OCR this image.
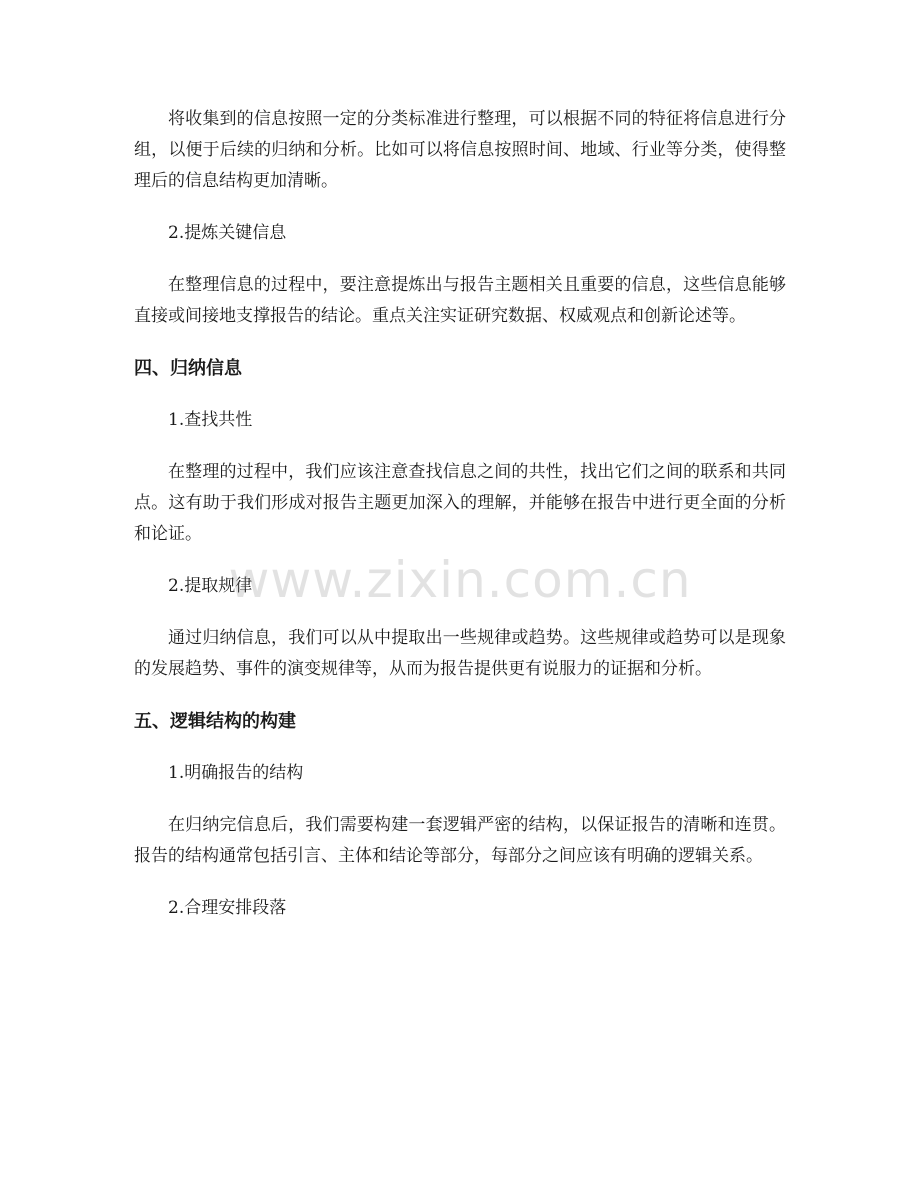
将收集到的信息按照一定的分类标准进行整理，可以根据不同的特征将信息进行分组，以便于后续的归纳和分析。比如可以将信息按照时间、地域、行业等分类，使得整理后的信息结构更加清晰。

2.提炼关键信息

在整理信息的过程中，要注意提炼出与报告主题相关且重要的信息，这些信息能够直接或间接地支撑报告的结论。重点关注实证研究数据、权威观点和创新论述等。

四、归纳信息

1.查找共性

在整理的过程中，我们应该注意查找信息之间的共性，找出它们之间的联系和共同点。这有助于我们形成对报告主题更加深入的理解，并能够在报告中进行更全面的分析和论证。

2.提取规律

通过归纳信息，我们可以从中提取出一些规律或趋势。这些规律或趋势可以是现象的发展趋势、事件的演变规律等，从而为报告提供更有说服力的证据和分析。

五、逻辑结构的构建

1.明确报告的结构

在归纳完信息后，我们需要构建一套逻辑严密的结构，以保证报告的清晰和连贯。报告的结构通常包括引言、主体和结论等部分，每部分之间应该有明确的逻辑关系。

2.合理安排段落

www.zixin.com.cn
